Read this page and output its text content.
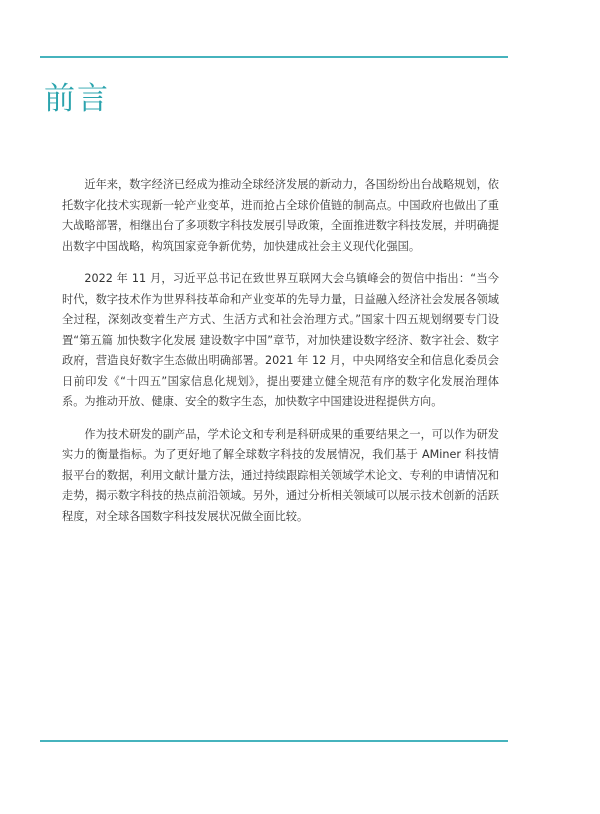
前言

近年来，数字经济已经成为推动全球经济发展的新动力，各国纷纷出台战略规划，依托数字化技术实现新一轮产业变革，进而抢占全球价值链的制高点。中国政府也做出了重大战略部署，相继出台了多项数字科技发展引导政策，全面推进数字科技发展，并明确提出数字中国战略，构筑国家竞争新优势，加快建成社会主义现代化强国。

2022 年 11 月，习近平总书记在致世界互联网大会乌镇峰会的贺信中指出：“当今时代，数字技术作为世界科技革命和产业变革的先导力量，日益融入经济社会发展各领域全过程，深刻改变着生产方式、生活方式和社会治理方式。”国家十四五规划纲要专门设置“第五篇 加快数字化发展 建设数字中国”章节，对加快建设数字经济、数字社会、数字政府，营造良好数字生态做出明确部署。2021 年 12 月，中央网络安全和信息化委员会日前印发《“十四五”国家信息化规划》，提出要建立健全规范有序的数字化发展治理体系。为推动开放、健康、安全的数字生态，加快数字中国建设进程提供方向。

作为技术研发的副产品，学术论文和专利是科研成果的重要结果之一，可以作为研发实力的衡量指标。为了更好地了解全球数字科技的发展情况，我们基于 AMiner 科技情报平台的数据，利用文献计量方法，通过持续跟踪相关领域学术论文、专利的申请情况和走势，揭示数字科技的热点前沿领域。另外，通过分析相关领域可以展示技术创新的活跃程度，对全球各国数字科技发展状况做全面比较。
